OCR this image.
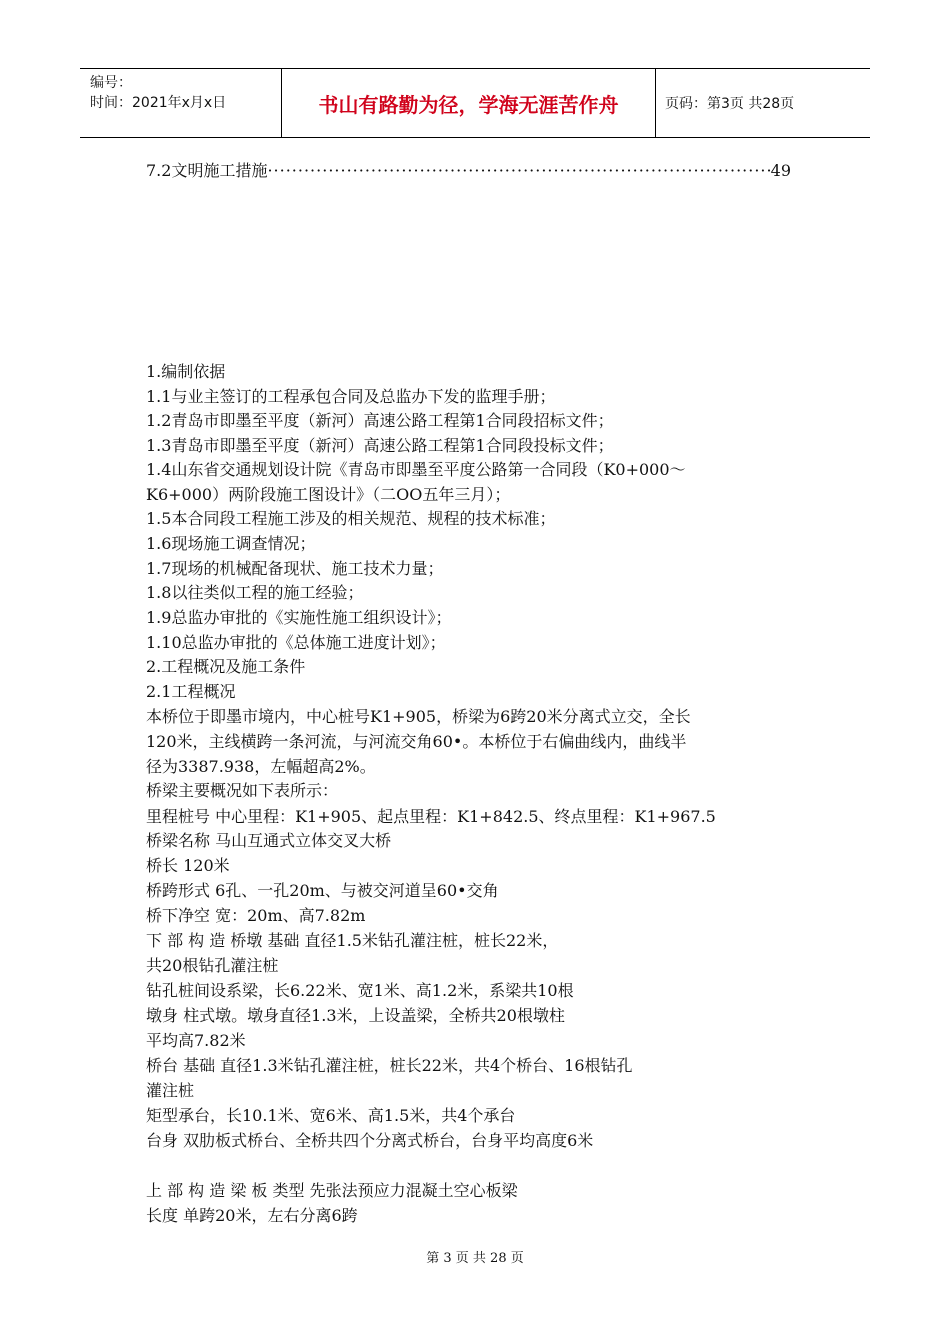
编号：
时间：2021年x月x日	书山有路勤为径，学海无涯苦作舟	页码：第3页 共28页
7.2文明施工措施
·····	49
1.编制依据
1.1与业主签订的工程承包合同及总监办下发的监理手册；
1.2青岛市即墨至平度（新河）高速公路工程第1合同段招标文件；
1.3青岛市即墨至平度（新河）高速公路工程第1合同段投标文件；
1.4山东省交通规划设计院《青岛市即墨至平度公路第一合同段（K0+000～
K6+000）两阶段施工图设计》（二OO五年三月）；
1.5本合同段工程施工涉及的相关规范、规程的技术标准；
1.6现场施工调查情况；
1.7现场的机械配备现状、施工技术力量；
1.8以往类似工程的施工经验；
1.9总监办审批的《实施性施工组织设计》；
1.10总监办审批的《总体施工进度计划》；
2.工程概况及施工条件
2.1工程概况
本桥位于即墨市境内，中心桩号K1+905，桥梁为6跨20米分离式立交，全长
120米，主线横跨一条河流，与河流交角60•。本桥位于右偏曲线内，曲线半
径为3387.938，左幅超高2%。
桥梁主要概况如下表所示：
里程桩号 中心里程：K1+905、起点里程：K1+842.5、终点里程：K1+967.5
桥梁名称 马山互通式立体交叉大桥
桥长 120米
桥跨形式 6孔、一孔20m、与被交河道呈60•交角
桥下净空 宽：20m、高7.82m
下 部 构 造 桥墩 基础 直径1.5米钻孔灌注桩，桩长22米，
共20根钻孔灌注桩
钻孔桩间设系梁，长6.22米、宽1米、高1.2米，系梁共10根
墩身 柱式墩。墩身直径1.3米，上设盖梁，全桥共20根墩柱
平均高7.82米
桥台 基础 直径1.3米钻孔灌注桩，桩长22米，共4个桥台、16根钻孔
灌注桩
矩型承台，长10.1米、宽6米、高1.5米，共4个承台
台身 双肋板式桥台、全桥共四个分离式桥台，台身平均高度6米
上 部 构 造 梁 板 类型 先张法预应力混凝土空心板梁
长度 单跨20米，左右分离6跨
第 3 页 共 28 页
